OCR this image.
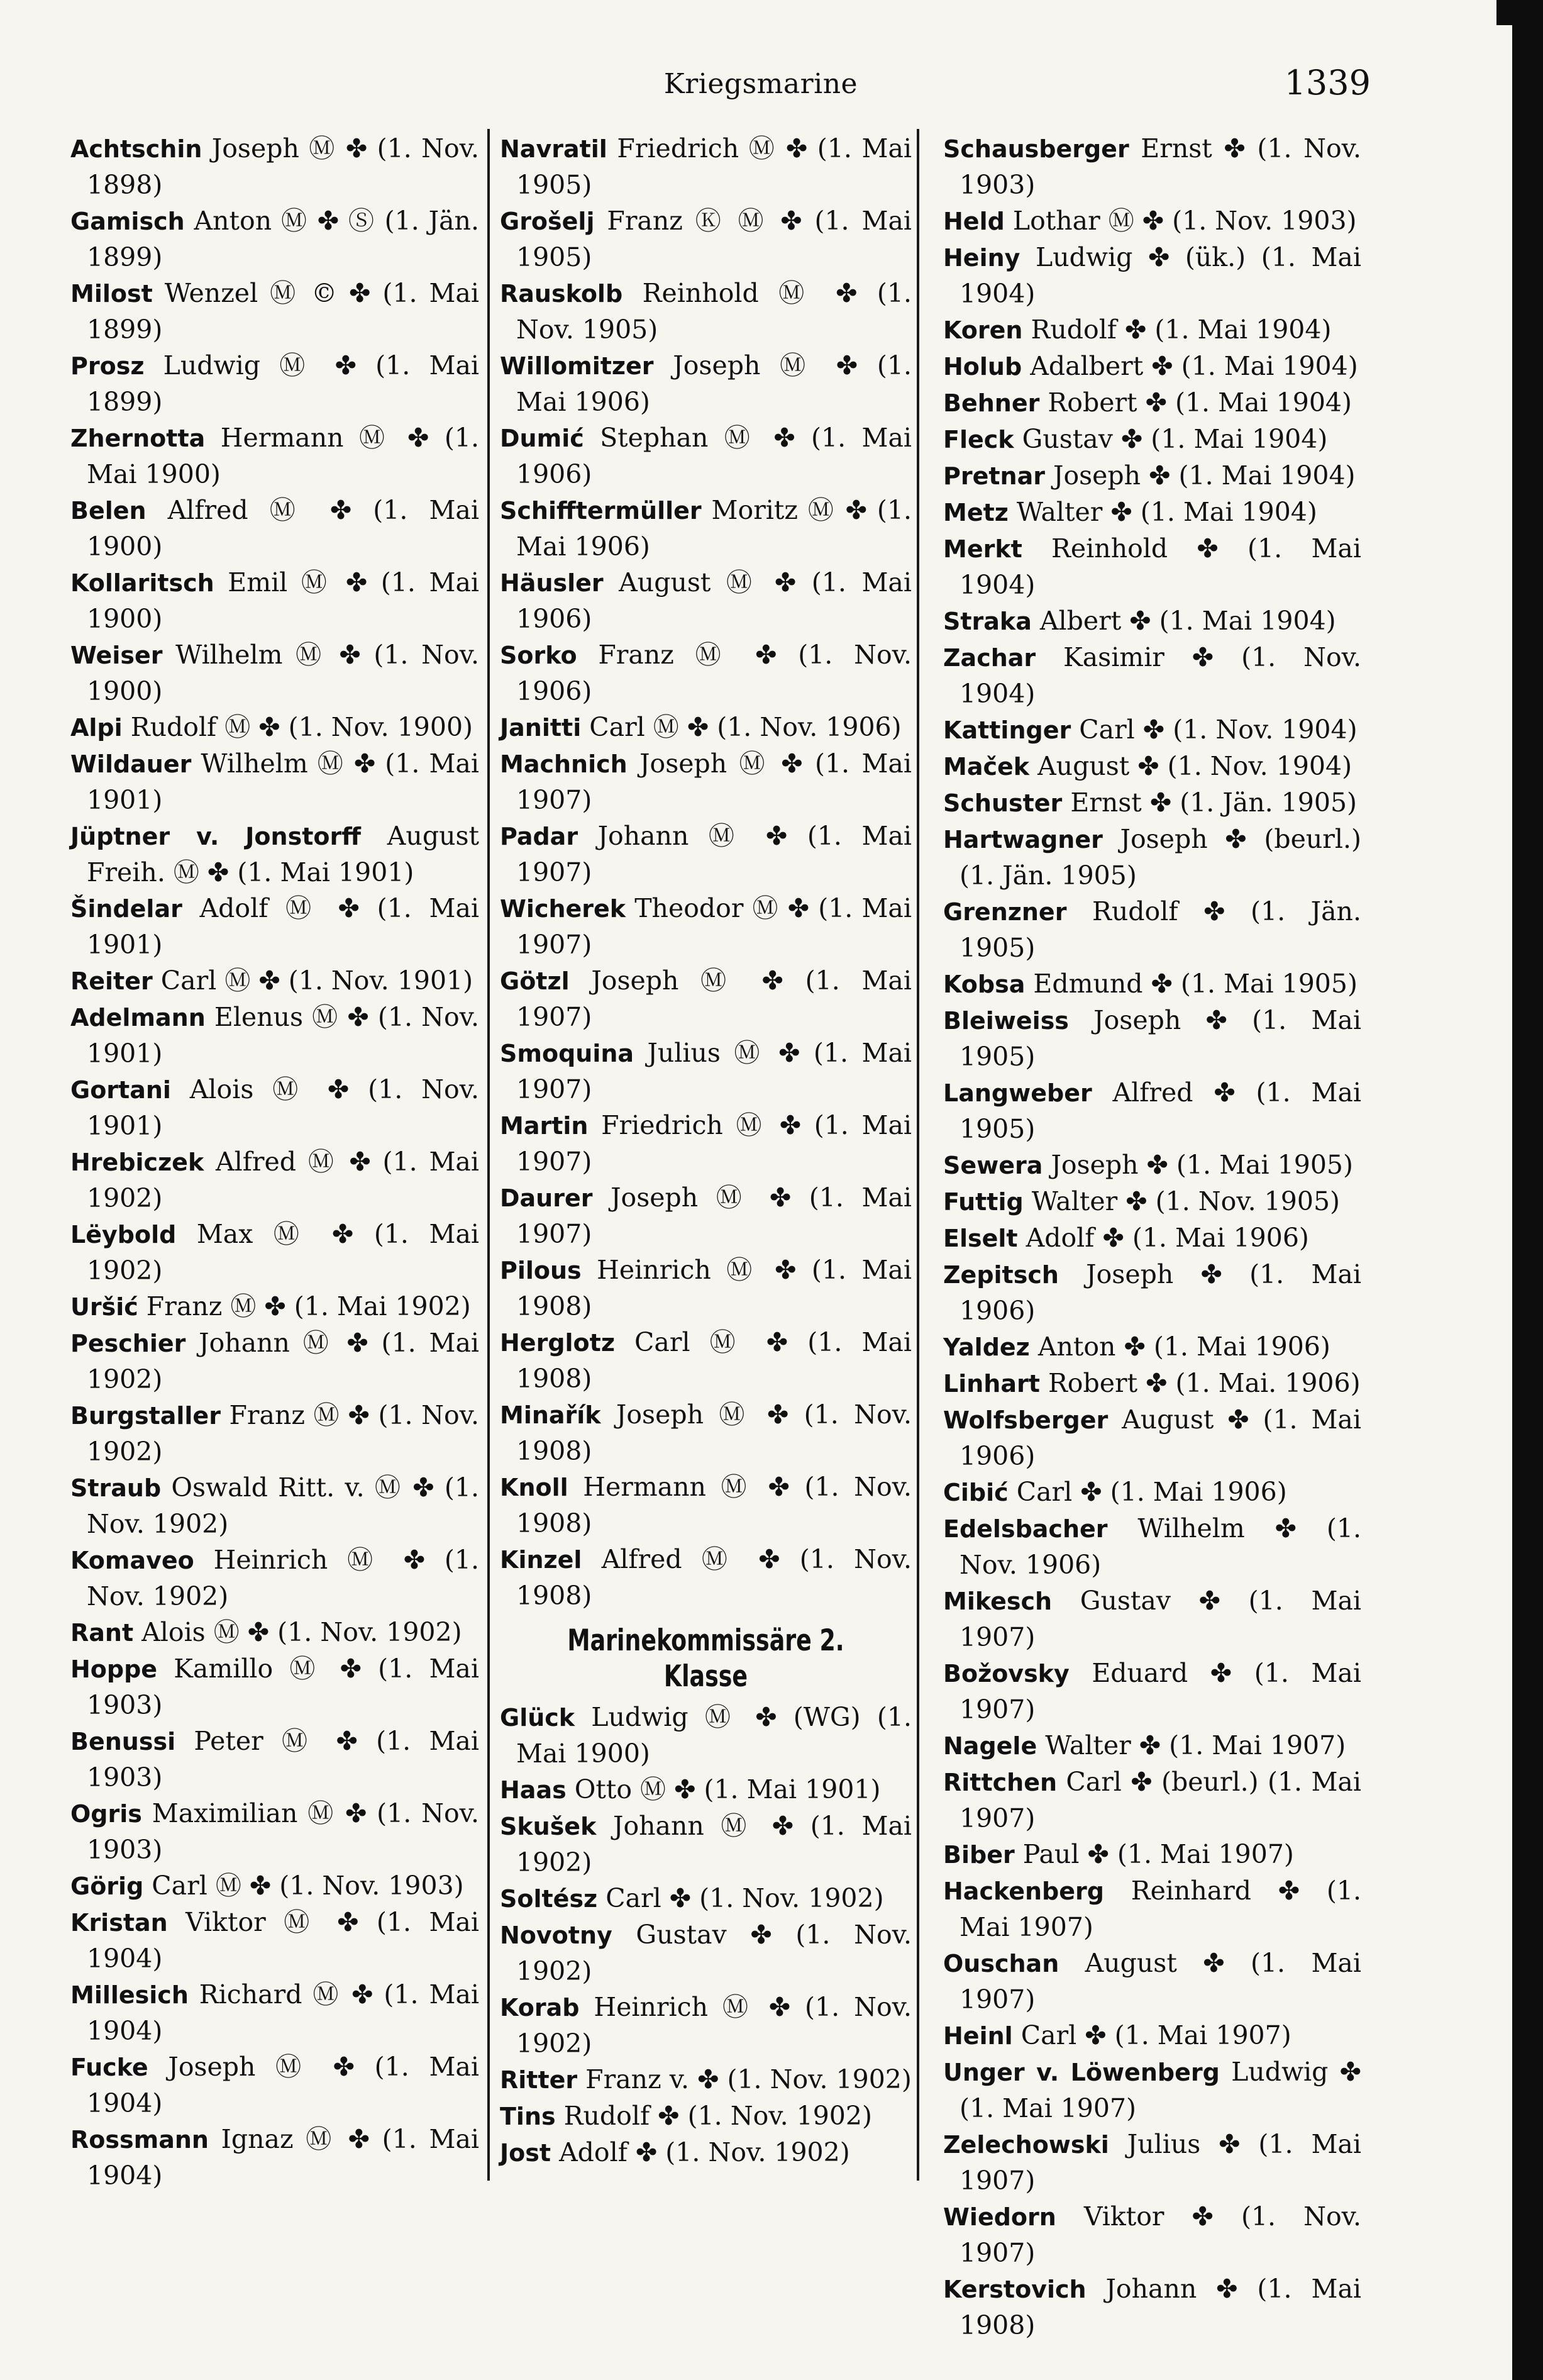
Kriegsmarine	1339
Achtschin Joseph Ⓜ ✤ (1. Nov. 1898)
Gamisch Anton Ⓜ ✤ Ⓢ (1. Jän. 1899)
Milost Wenzel Ⓜ © ✤ (1. Mai 1899)
Prosz Ludwig Ⓜ ✤ (1. Mai 1899)
Zhernotta Hermann Ⓜ ✤ (1. Mai 1900)
Belen Alfred Ⓜ ✤ (1. Mai 1900)
Kollaritsch Emil Ⓜ ✤ (1. Mai 1900)
Weiser Wilhelm Ⓜ ✤ (1. Nov. 1900)
Alpi Rudolf Ⓜ ✤ (1. Nov. 1900)
Wildauer Wilhelm Ⓜ ✤ (1. Mai 1901)
Jüptner v. Jonstorff August Freih. Ⓜ ✤ (1. Mai 1901)
Šindelar Adolf Ⓜ ✤ (1. Mai 1901)
Reiter Carl Ⓜ ✤ (1. Nov. 1901)
Adelmann Elenus Ⓜ ✤ (1. Nov. 1901)
Gortani Alois Ⓜ ✤ (1. Nov. 1901)
Hrebiczek Alfred Ⓜ ✤ (1. Mai 1902)
Lëybold Max Ⓜ ✤ (1. Mai 1902)
Uršić Franz Ⓜ ✤ (1. Mai 1902)
Peschier Johann Ⓜ ✤ (1. Mai 1902)
Burgstaller Franz Ⓜ ✤ (1. Nov. 1902)
Straub Oswald Ritt. v. Ⓜ ✤ (1. Nov. 1902)
Komaveo Heinrich Ⓜ ✤ (1. Nov. 1902)
Rant Alois Ⓜ ✤ (1. Nov. 1902)
Hoppe Kamillo Ⓜ ✤ (1. Mai 1903)
Benussi Peter Ⓜ ✤ (1. Mai 1903)
Ogris Maximilian Ⓜ ✤ (1. Nov. 1903)
Görig Carl Ⓜ ✤ (1. Nov. 1903)
Kristan Viktor Ⓜ ✤ (1. Mai 1904)
Millesich Richard Ⓜ ✤ (1. Mai 1904)
Fucke Joseph Ⓜ ✤ (1. Mai 1904)
Rossmann Ignaz Ⓜ ✤ (1. Mai 1904)
Navratil Friedrich Ⓜ ✤ (1. Mai 1905)
Grošelj Franz Ⓚ Ⓜ ✤ (1. Mai 1905)
Rauskolb Reinhold Ⓜ ✤ (1. Nov. 1905)
Willomitzer Joseph Ⓜ ✤ (1. Mai 1906)
Dumić Stephan Ⓜ ✤ (1. Mai 1906)
Schifftermüller Moritz Ⓜ ✤ (1. Mai 1906)
Häusler August Ⓜ ✤ (1. Mai 1906)
Sorko Franz Ⓜ ✤ (1. Nov. 1906)
Janitti Carl Ⓜ ✤ (1. Nov. 1906)
Machnich Joseph Ⓜ ✤ (1. Mai 1907)
Padar Johann Ⓜ ✤ (1. Mai 1907)
Wicherek Theodor Ⓜ ✤ (1. Mai 1907)
Götzl Joseph Ⓜ ✤ (1. Mai 1907)
Smoquina Julius Ⓜ ✤ (1. Mai 1907)
Martin Friedrich Ⓜ ✤ (1. Mai 1907)
Daurer Joseph Ⓜ ✤ (1. Mai 1907)
Pilous Heinrich Ⓜ ✤ (1. Mai 1908)
Herglotz Carl Ⓜ ✤ (1. Mai 1908)
Minařík Joseph Ⓜ ✤ (1. Nov. 1908)
Knoll Hermann Ⓜ ✤ (1. Nov. 1908)
Kinzel Alfred Ⓜ ✤ (1. Nov. 1908)
Marinekommissäre 2. Klasse
Glück Ludwig Ⓜ ✤ (WG) (1. Mai 1900)
Haas Otto Ⓜ ✤ (1. Mai 1901)
Skušek Johann Ⓜ ✤ (1. Mai 1902)
Soltész Carl ✤ (1. Nov. 1902)
Novotny Gustav ✤ (1. Nov. 1902)
Korab Heinrich Ⓜ ✤ (1. Nov. 1902)
Ritter Franz v. ✤ (1. Nov. 1902)
Tins Rudolf ✤ (1. Nov. 1902)
Jost Adolf ✤ (1. Nov. 1902)
Schausberger Ernst ✤ (1. Nov. 1903)
Held Lothar Ⓜ ✤ (1. Nov. 1903)
Heiny Ludwig ✤ (ük.) (1. Mai 1904)
Koren Rudolf ✤ (1. Mai 1904)
Holub Adalbert ✤ (1. Mai 1904)
Behner Robert ✤ (1. Mai 1904)
Fleck Gustav ✤ (1. Mai 1904)
Pretnar Joseph ✤ (1. Mai 1904)
Metz Walter ✤ (1. Mai 1904)
Merkt Reinhold ✤ (1. Mai 1904)
Straka Albert ✤ (1. Mai 1904)
Zachar Kasimir ✤ (1. Nov. 1904)
Kattinger Carl ✤ (1. Nov. 1904)
Maček August ✤ (1. Nov. 1904)
Schuster Ernst ✤ (1. Jän. 1905)
Hartwagner Joseph ✤ (beurl.) (1. Jän. 1905)
Grenzner Rudolf ✤ (1. Jän. 1905)
Kobsa Edmund ✤ (1. Mai 1905)
Bleiweiss Joseph ✤ (1. Mai 1905)
Langweber Alfred ✤ (1. Mai 1905)
Sewera Joseph ✤ (1. Mai 1905)
Futtig Walter ✤ (1. Nov. 1905)
Elselt Adolf ✤ (1. Mai 1906)
Zepitsch Joseph ✤ (1. Mai 1906)
Yaldez Anton ✤ (1. Mai 1906)
Linhart Robert ✤ (1. Mai. 1906)
Wolfsberger August ✤ (1. Mai 1906)
Cibić Carl ✤ (1. Mai 1906)
Edelsbacher Wilhelm ✤ (1. Nov. 1906)
Mikesch Gustav ✤ (1. Mai 1907)
Božovsky Eduard ✤ (1. Mai 1907)
Nagele Walter ✤ (1. Mai 1907)
Rittchen Carl ✤ (beurl.) (1. Mai 1907)
Biber Paul ✤ (1. Mai 1907)
Hackenberg Reinhard ✤ (1. Mai 1907)
Ouschan August ✤ (1. Mai 1907)
Heinl Carl ✤ (1. Mai 1907)
Unger v. Löwenberg Ludwig ✤ (1. Mai 1907)
Zelechowski Julius ✤ (1. Mai 1907)
Wiedorn Viktor ✤ (1. Nov. 1907)
Kerstovich Johann ✤ (1. Mai 1908)
